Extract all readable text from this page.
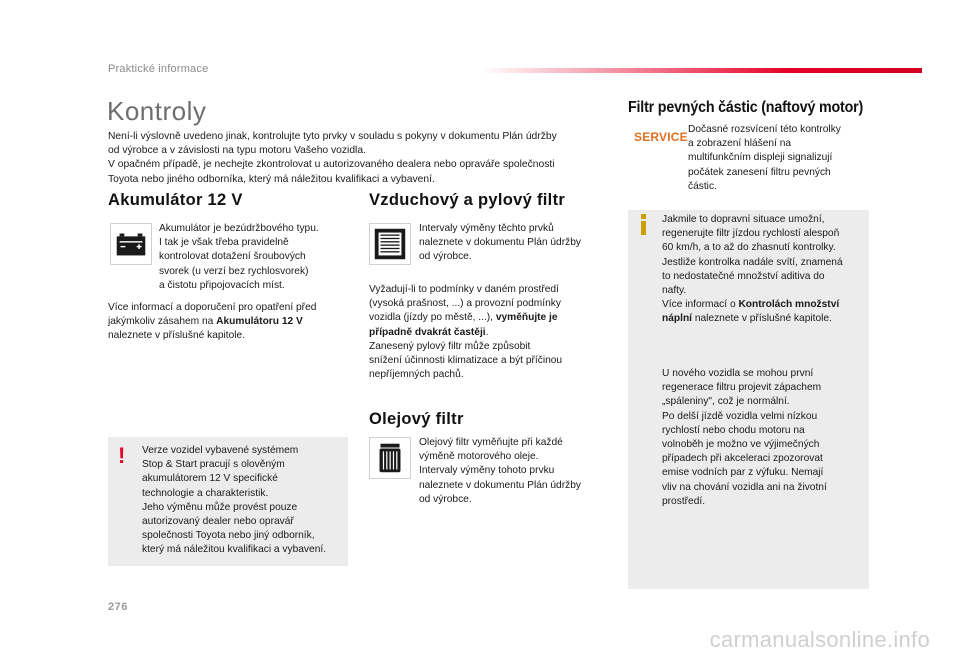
Praktické informace
Kontroly
Není-li výslovně uvedeno jinak, kontrolujte tyto prvky v souladu s pokyny v dokumentu Plán údržby
od výrobce a v závislosti na typu motoru Vašeho vozidla.
V opačném případě, je nechejte zkontrolovat u autorizovaného dealera nebo opraváře společnosti
Toyota nebo jiného odborníka, který má náležitou kvalifikaci a vybavení.
Akumulátor 12 V
Akumulátor je bezúdržbového typu.
I tak je však třeba pravidelně
kontrolovat dotažení šroubových
svorek (u verzí bez rychlosvorek)
a čistotu připojovacích míst.
Více informací a doporučení pro opatření před
jakýmkoliv zásahem na Akumulátoru 12 V
naleznete v příslušné kapitole.
! Verze vozidel vybavené systémem
Stop & Start pracují s olověným
akumulátorem 12 V specifické
technologie a charakteristik.
Jeho výměnu může provést pouze
autorizovaný dealer nebo opravář
společnosti Toyota nebo jiný odborník,
který má náležitou kvalifikaci a vybavení.
Vzduchový a pylový filtr
Intervaly výměny těchto prvků
naleznete v dokumentu Plán údržby
od výrobce.
Vyžadují-li to podmínky v daném prostředí
(vysoká prašnost, ...) a provozní podmínky
vozidla (jízdy po městě, ...), vyměňujte je
případně dvakrát častěji.
Zanesený pylový filtr může způsobit
snížení účinnosti klimatizace a být příčinou
nepříjemných pachů.
Olejový filtr
Olejový filtr vyměňujte při každé
výměně motorového oleje.
Intervaly výměny tohoto prvku
naleznete v dokumentu Plán údržby
od výrobce.
Filtr pevných částic (naftový motor)
SERVICE
Dočasné rozsvícení této kontrolky
a zobrazení hlášení na
multifunkčním displeji signalizují
počátek zanesení filtru pevných
částic.
Jakmile to dopravní situace umožní,
regenerujte filtr jízdou rychlostí alespoň
60 km/h, a to až do zhasnutí kontrolky.
Jestliže kontrolka nadále svítí, znamená
to nedostatečné množství aditiva do
nafty.
Více informací o Kontrolách množství
náplní naleznete v příslušné kapitole.
U nového vozidla se mohou první
regenerace filtru projevit zápachem
„spáleniny", což je normální.
Po delší jízdě vozidla velmi nízkou
rychlostí nebo chodu motoru na
volnoběh je možno ve výjimečných
případech při akceleraci zpozorovat
emise vodních par z výfuku. Nemají
vliv na chování vozidla ani na životní
prostředí.
276
carmanualsonline.info
